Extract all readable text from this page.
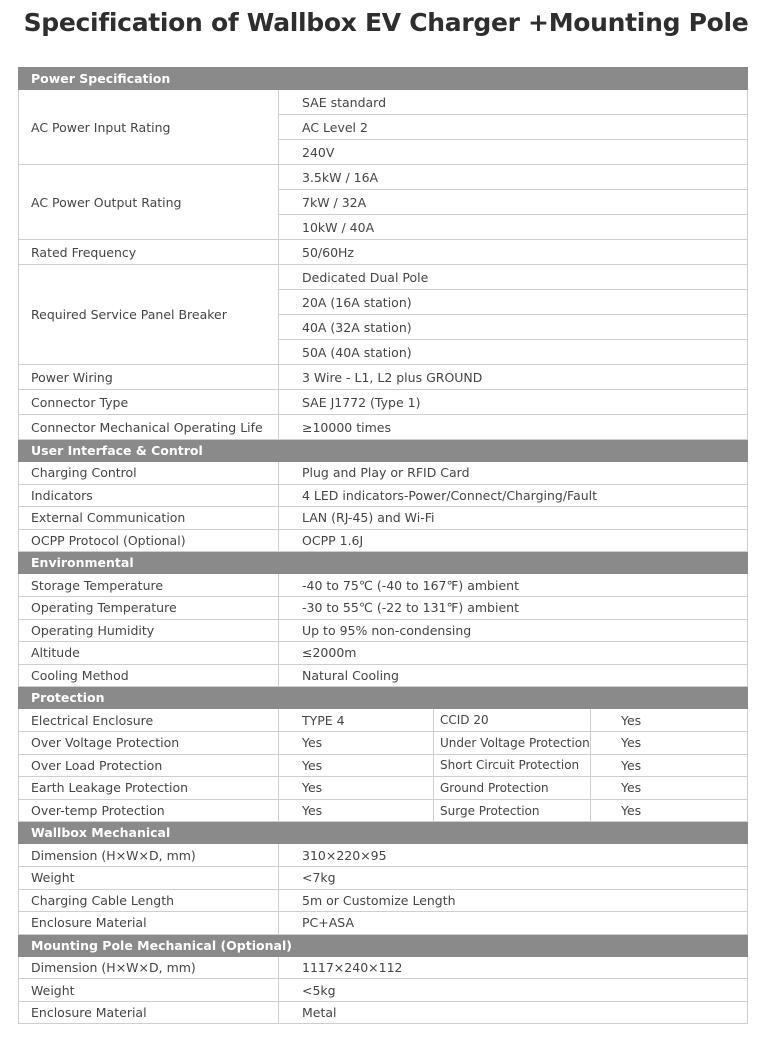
Specification of Wallbox EV Charger +Mounting Pole
Power Specification			
AC Power Input Rating	SAE standard		
	AC Level 2		
	240V		
AC Power Output Rating	3.5kW / 16A		
	7kW / 32A		
	10kW / 40A		
Rated Frequency	50/60Hz		
Required Service Panel Breaker	Dedicated Dual Pole		
	20A (16A station)		
	40A (32A station)		
	50A (40A station)		
Power Wiring	3 Wire - L1, L2 plus GROUND		
Connector Type	SAE J1772 (Type 1)		
Connector Mechanical Operating Life	≥10000 times		
User Interface & Control			
Charging Control	Plug and Play or RFID Card		
Indicators	4 LED indicators-Power/Connect/Charging/Fault		
External Communication	LAN (RJ-45) and Wi-Fi		
OCPP Protocol (Optional)	OCPP 1.6J		
Environmental			
Storage Temperature	-40 to 75℃ (-40 to 167℉) ambient		
Operating Temperature	-30 to 55℃ (-22 to 131℉) ambient		
Operating Humidity	Up to 95% non-condensing		
Altitude	≤2000m		
Cooling Method	Natural Cooling		
Protection			
Electrical Enclosure	TYPE 4	CCID 20	Yes
Over Voltage Protection	Yes	Under Voltage Protection	Yes
Over Load Protection	Yes	Short Circuit Protection	Yes
Earth Leakage Protection	Yes	Ground Protection	Yes
Over-temp Protection	Yes	Surge Protection	Yes
Wallbox Mechanical			
Dimension (H×W×D, mm)	310×220×95		
Weight	<7kg		
Charging Cable Length	5m or Customize Length		
Enclosure Material	PC+ASA		
Mounting Pole Mechanical (Optional)			
Dimension (H×W×D, mm)	1117×240×112		
Weight	<5kg		
Enclosure Material	Metal		
